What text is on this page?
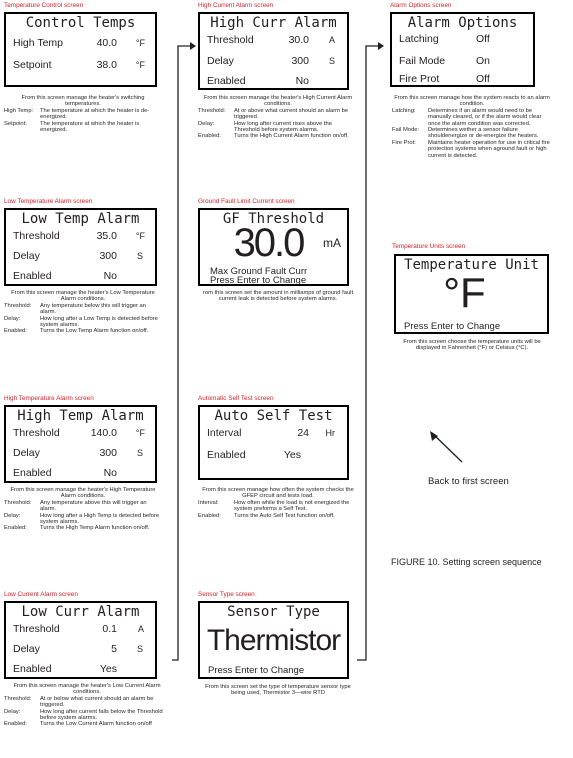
Temperature Control screen
Control Temps
High Temp	40.0 °F
Setpoint	38.0 °F
From this screen manage the heater's switching temperatures.
High Temp: The temperature at which the heater is de-energized.
Setpoint: The temperature at which the heater is energized.
Low Temperature Alarm screen
Low Temp Alarm
Threshold	35.0 °F
Delay	300 S
Enabled	No
From this screen manage the heater's Low Temperature Alarm conditions.
Threshold: Any temperature below this will trigger an alarm.
Delay:	How long after a Low Temp is detected before system alarms.
Enabled: Turns the Low Temp Alarm function on/off.
High Temperature Alarm screen
High Temp Alarm
Threshold	140.0 °F
Delay	300 S
Enabled	No
From this screen manage the heater's High Temperature Alarm conditions.
Threshold: Any temperature above this will trigger an alarm.
Delay:	How long after a High Temp is detected before system alarms.
Enabled: Turns the High Temp Alarm function on/off.
Low Current Alarm screen
Low Curr Alarm
Threshold	0.1 A
Delay	5 S
Enabled	Yes
From this screen manage the heater's Low Current Alarm conditions.
Threshold: At or below what current should an alarm be triggered.
Delay:	How long after current falls below the Threshold before system alarms.
Enabled: Turns the Low Current Alarm function on/off
High Current Alarm screen
High Curr Alarm
Threshold	30.0 A
Delay	300 S
Enabled	No
From this screen manage the heater's High Current Alarm conditions.
Threshold: At or above what current should an alarm be triggered.
Delay:	How long after current rises above the Threshold before system alarms.
Enabled: Turns the High Current Alarm function on/off.
Ground Fault Limit Current screen
GF Threshold
30.0	mA
Max Ground Fault Curr
Press Enter to Change
rom this screen set the amount in milliamps of ground fault current leak is detected before system alarms.
Automatic Self Test screen
Auto Self Test
Interval	24 Hr
Enabled	Yes
From this screen manage how often the system checks the GFEP circuit and tests load.
Interval:	How often while the load is not energized the system preforms a Self Test.
Enabled: Turns the Auto Self Test function on/off.
Sensor Type screen
Sensor Type
Thermistor
Press Enter to Change
From this screen set the type of temperature sensor type being used, Thermistor 3—wire RTD
Alarm Options screen
Alarm Options
Latching	Off
Fail Mode	On
Fire Prot	Off
From this screen manage how the system reacts to an alarm condition.
Latching: Determines if an alarm would need to be manually cleared, or if the alarm would clear once the alarm condition was corrected.
Fail Mode: Determines wether a sensor failure shouldenergize or de-energize the heaters.
Fire Prot: Maintains heater operation for use in critical fire protection systems when aground fault or high current is detected.
Temperature Units screen
Temperature Unit
°F
Press Enter to Change
From this screen choose the temperature units will be displayed in Fahrenheit (°F) or Celsius (°C).
Back to first screen
FIGURE 10. Setting screen sequence
